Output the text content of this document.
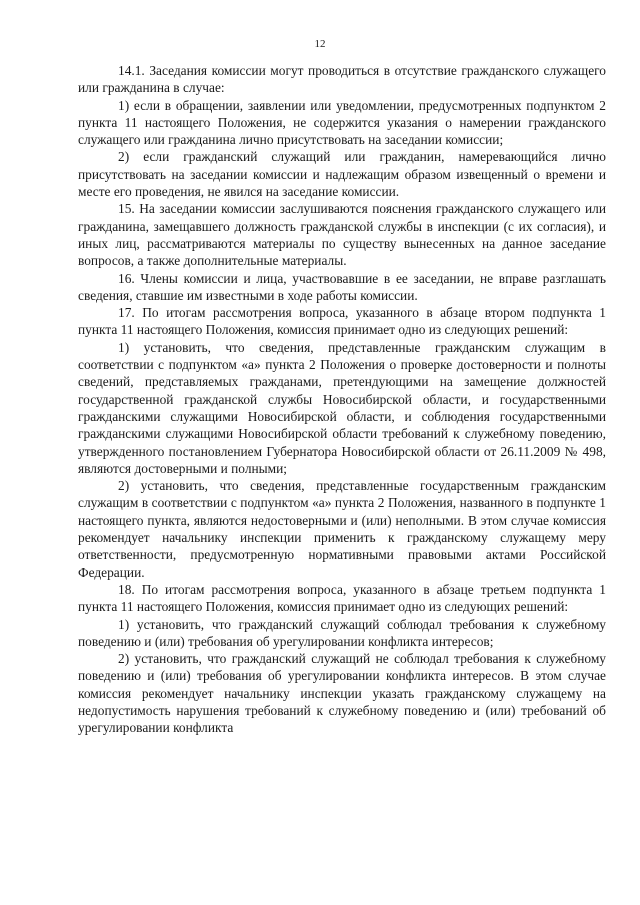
12

14.1. Заседания комиссии могут проводиться в отсутствие гражданского служащего или гражданина в случае:

1) если в обращении, заявлении или уведомлении, предусмотренных подпунктом 2 пункта 11 настоящего Положения, не содержится указания о намерении гражданского служащего или гражданина лично присутствовать на заседании комиссии;

2) если гражданский служащий или гражданин, намеревающийся лично присутствовать на заседании комиссии и надлежащим образом извещенный о времени и месте его проведения, не явился на заседание комиссии.

15. На заседании комиссии заслушиваются пояснения гражданского служащего или гражданина, замещавшего должность гражданской службы в инспекции (с их согласия), и иных лиц, рассматриваются материалы по существу вынесенных на данное заседание вопросов, а также дополнительные материалы.

16. Члены комиссии и лица, участвовавшие в ее заседании, не вправе разглашать сведения, ставшие им известными в ходе работы комиссии.

17. По итогам рассмотрения вопроса, указанного в абзаце втором подпункта 1 пункта 11 настоящего Положения, комиссия принимает одно из следующих решений:

1) установить, что сведения, представленные гражданским служащим в соответствии с подпунктом «а» пункта 2 Положения о проверке достоверности и полноты сведений, представляемых гражданами, претендующими на замещение должностей государственной гражданской службы Новосибирской области, и государственными гражданскими служащими Новосибирской области, и соблюдения государственными гражданскими служащими Новосибирской области требований к служебному поведению, утвержденного постановлением Губернатора Новосибирской области от 26.11.2009 № 498, являются достоверными и полными;

2) установить, что сведения, представленные государственным гражданским служащим в соответствии с подпунктом «а» пункта 2 Положения, названного в подпункте 1 настоящего пункта, являются недостоверными и (или) неполными. В этом случае комиссия рекомендует начальнику инспекции применить к гражданскому служащему меру ответственности, предусмотренную нормативными правовыми актами Российской Федерации.

18. По итогам рассмотрения вопроса, указанного в абзаце третьем подпункта 1 пункта 11 настоящего Положения, комиссия принимает одно из следующих решений:

1) установить, что гражданский служащий соблюдал требования к служебному поведению и (или) требования об урегулировании конфликта интересов;

2) установить, что гражданский служащий не соблюдал требования к служебному поведению и (или) требования об урегулировании конфликта интересов. В этом случае комиссия рекомендует начальнику инспекции указать гражданскому служащему на недопустимость нарушения требований к служебному поведению и (или) требований об урегулировании конфликта
